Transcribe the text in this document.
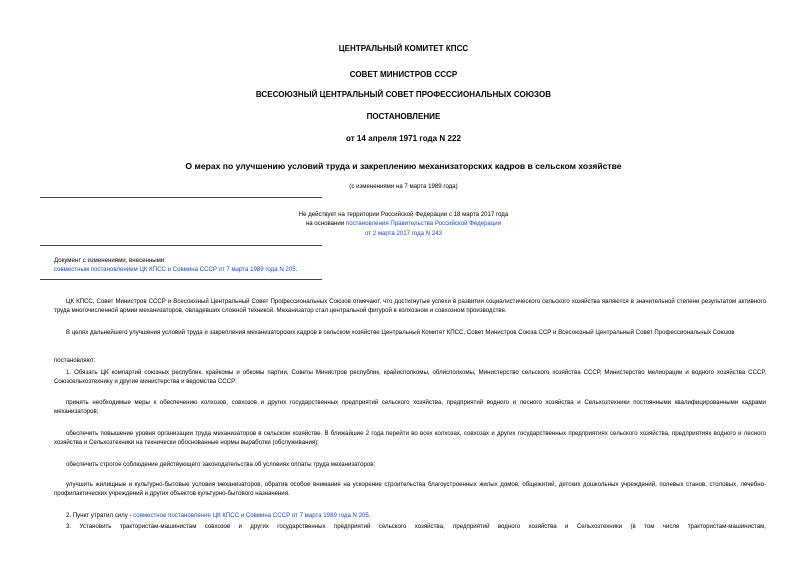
ЦЕНТРАЛЬНЫЙ КОМИТЕТ КПСС
СОВЕТ МИНИСТРОВ СССР
ВСЕСОЮЗНЫЙ ЦЕНТРАЛЬНЫЙ СОВЕТ ПРОФЕССИОНАЛЬНЫХ СОЮЗОВ
ПОСТАНОВЛЕНИЕ
от 14 апреля 1971 года N 222
О мерах по улучшению условий труда и закреплению механизаторских кадров в сельском хозяйстве
(с изменениями на 7 марта 1989 года)
Не действует на территории Российской Федерации с 18 марта 2017 года
на основании постановления Правительства Российской Федерации
от 2 марта 2017 года N 243
Документ с изменениями, внесенными:
совместным постановлением ЦК КПСС и Совмина СССР от 7 марта 1989 года N 205.
ЦК КПСС, Совет Министров СССР и Всесоюзный Центральный Совет Профессиональных Союзов отмечают, что достигнутые успехи в развитии социалистического сельского хозяйства являются в значительной степени результатом активного труда многочисленной армии механизаторов, овладевших сложной техникой. Механизатор стал центральной фигурой в колхозном и совхозном производстве.
В целях дальнейшего улучшения условий труда и закрепления механизаторских кадров в сельском хозяйстве Центральный Комитет КПСС, Совет Министров Союза ССР и Всесоюзный Центральный Совет Профессиональных Союзов
постановляют:
1. Обязать ЦК компартий союзных республик, крайкомы и обкомы партии, Советы Министров республик, крайисполкомы, облисполкомы, Министерство сельского хозяйства СССР, Министерство мелиорации и водного хозяйства СССР, Союзсельхозтехнику и другие министерства и ведомства СССР:
принять необходимые меры к обеспечению колхозов, совхозов и других государственных предприятий сельского хозяйства, предприятий водного и лесного хозяйства и Сельхозтехники постоянными квалифицированными кадрами механизаторов;
обеспечить повышение уровня организации труда механизаторов в сельском хозяйстве. В ближайшие 2 года перейти во всех колхозах, совхозах и других государственных предприятиях сельского хозяйства, предприятиях водного и лесного хозяйства и Сельхозтехники на технически обоснованные нормы выработки (обслуживания);
обеспечить строгое соблюдение действующего законодательства об условиях оплаты труда механизаторов;
улучшить жилищные и культурно-бытовые условия механизаторов, обратив особое внимание на ускорение строительства благоустроенных жилых домов, общежитий, детских дошкольных учреждений, полевых станов, столовых, лечебно-профилактических учреждений и других объектов культурно-бытового назначения.
2. Пункт утратил силу - совместное постановление ЦК КПСС и Совмина СССР от 7 марта 1989 года N 205.
3. Установить трактористам-машинистам совхозов и других государственных предприятий сельского хозяйства, предприятий водного хозяйства и Сельхозтехники (в том числе трактористам-машинистам,
